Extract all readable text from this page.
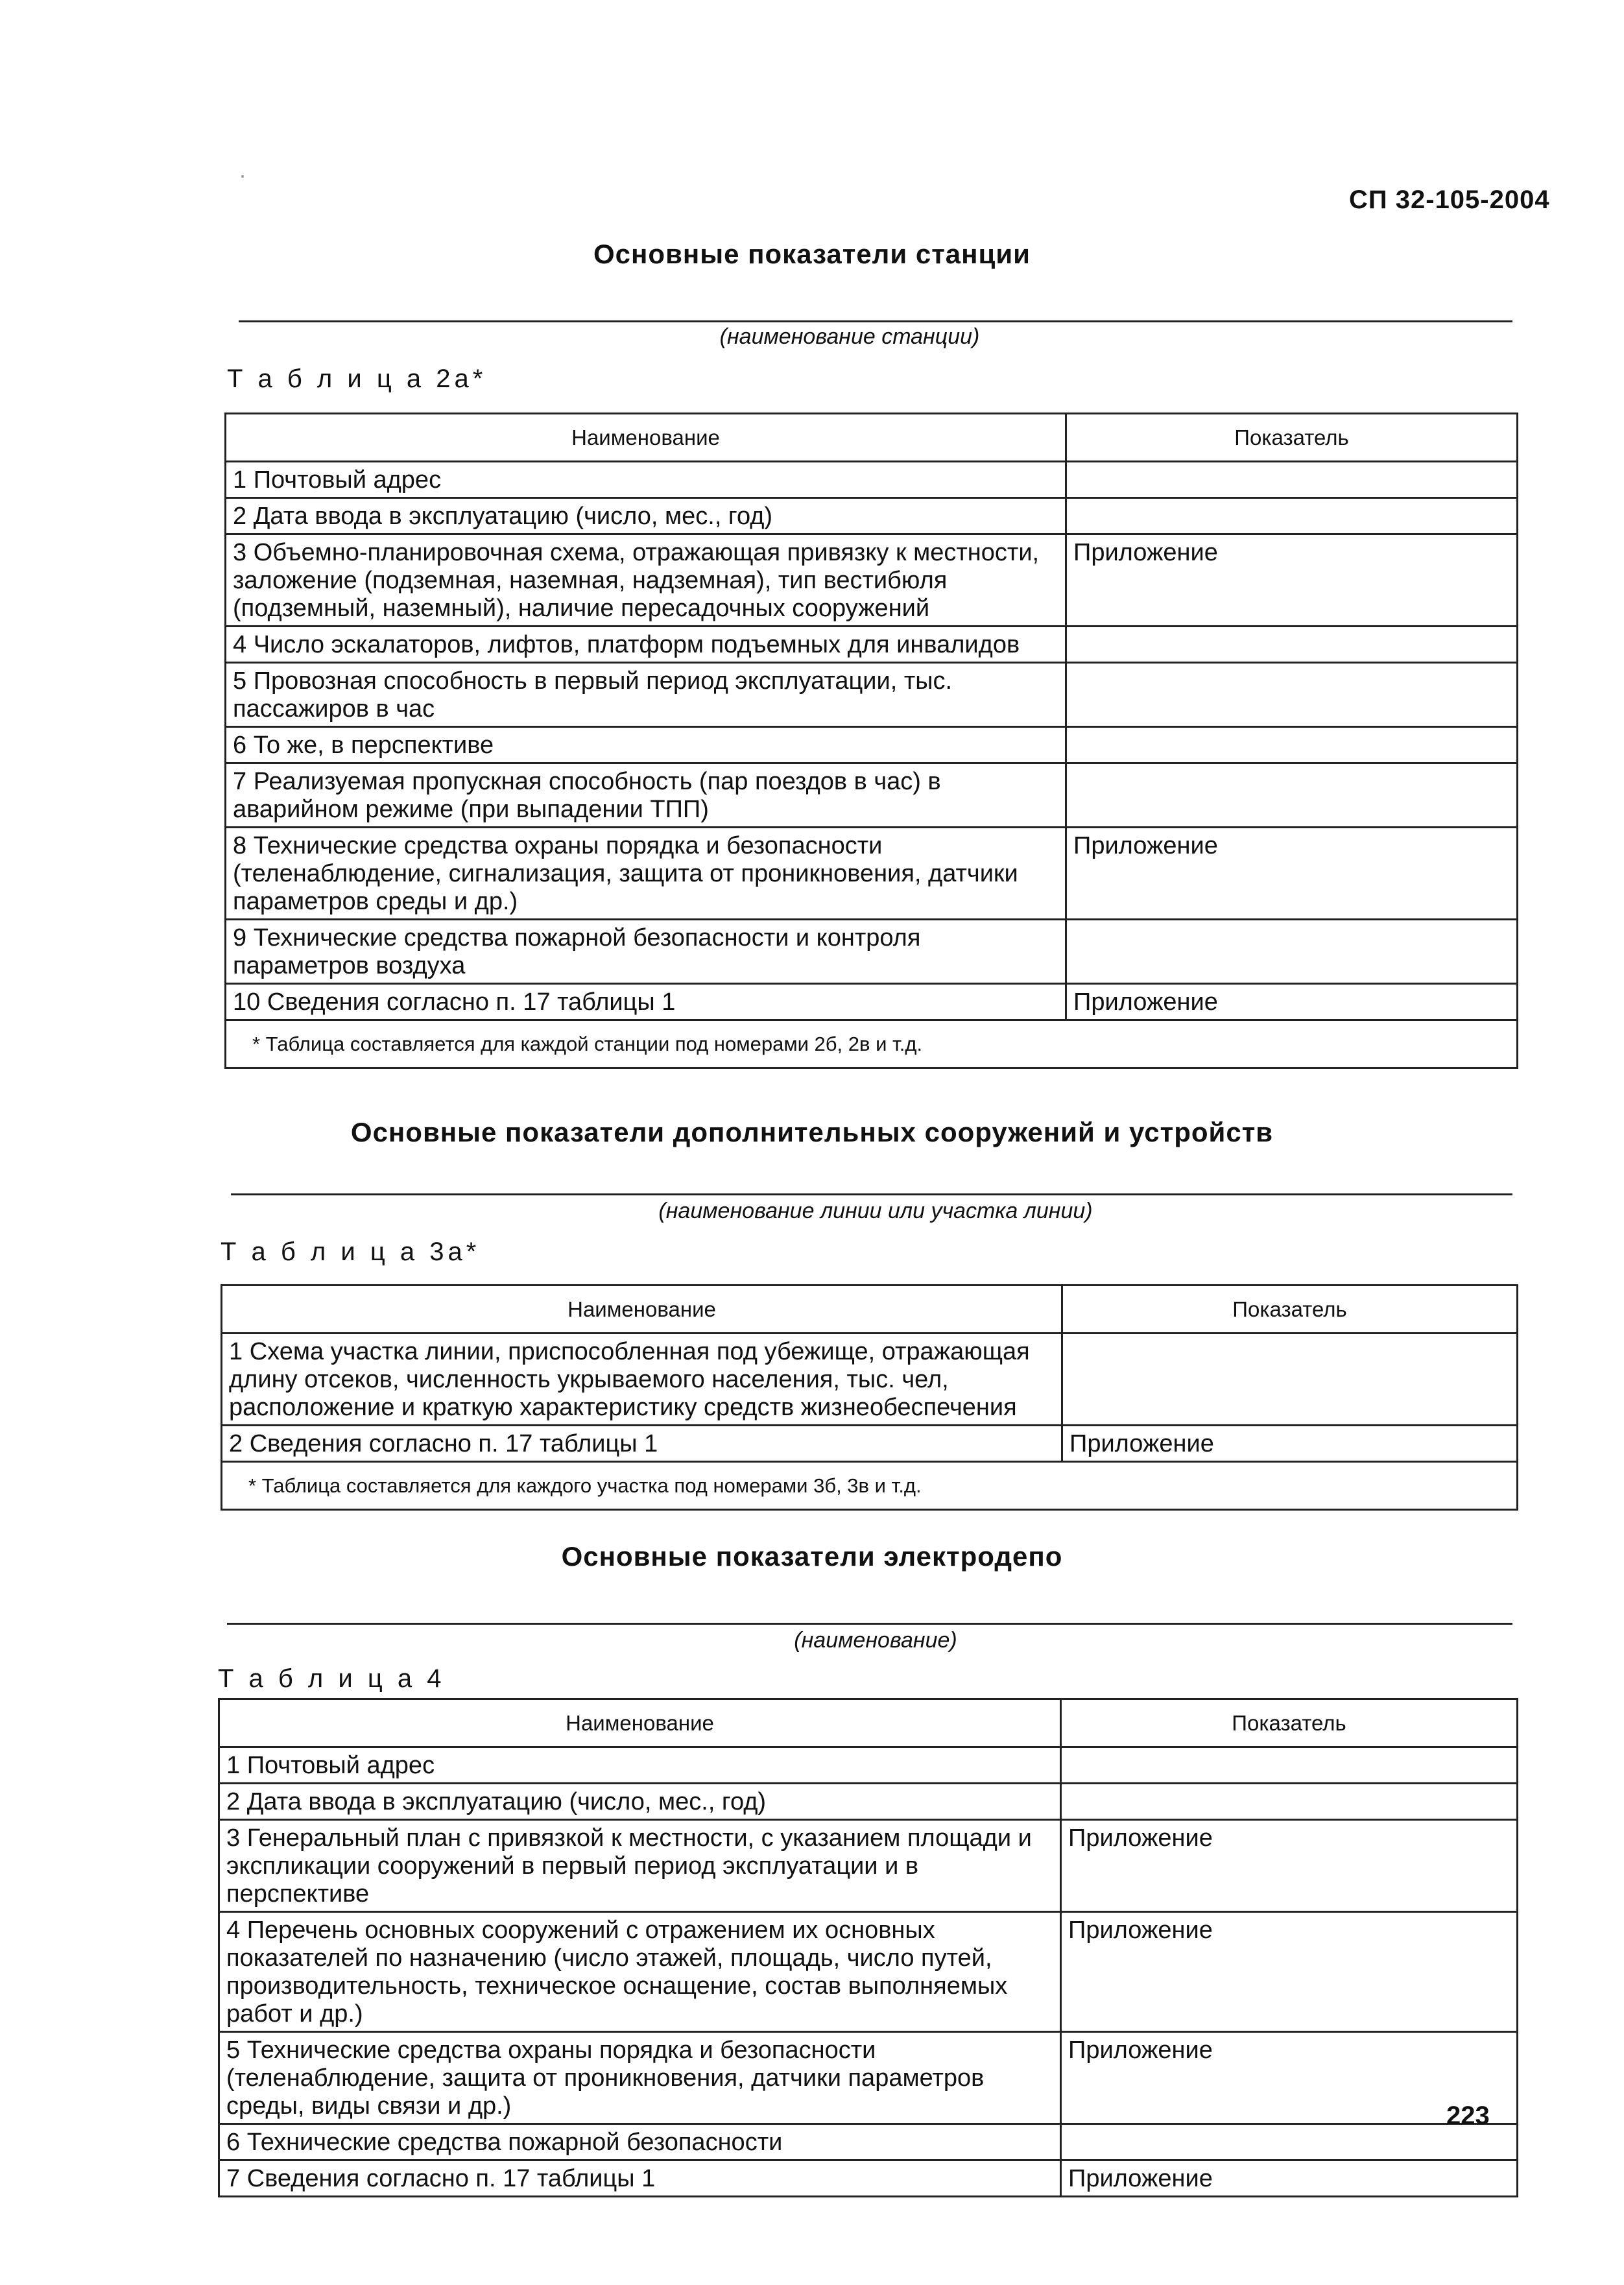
СП 32-105-2004
Основные показатели станции
(наименование станции)
Т а б л и ц а 2а*
Наименование	Показатель
1 Почтовый адрес	
2 Дата ввода в эксплуатацию (число, мес., год)	
3 Объемно-планировочная схема, отражающая привязку к местности, заложение (подземная, наземная, надземная), тип вестибюля (подземный, наземный), наличие пересадочных сооружений	Приложение
4 Число эскалаторов, лифтов, платформ подъемных для инвалидов	
5 Провозная способность в первый период эксплуатации, тыс. пассажиров в час	
6 То же, в перспективе	
7 Реализуемая пропускная способность (пар поездов в час) в аварийном режиме (при выпадении ТПП)	
8 Технические средства охраны порядка и безопасности (теленаблюдение, сигнализация, защита от проникновения, датчики параметров среды и др.)	Приложение
9 Технические средства пожарной безопасности и контроля параметров воздуха	
10 Сведения согласно п. 17 таблицы 1	Приложение
* Таблица составляется для каждой станции под номерами 2б, 2в и т.д.	
Основные показатели дополнительных сооружений и устройств
(наименование линии или участка линии)
Т а б л и ц а 3а*
Наименование	Показатель
1 Схема участка линии, приспособленная под убежище, отражающая длину отсеков, численность укрываемого населения, тыс. чел, расположение и краткую характеристику средств жизнеобеспечения	
2 Сведения согласно п. 17 таблицы 1	Приложение
* Таблица составляется для каждого участка под номерами 3б, 3в и т.д.	
Основные показатели электродепо
(наименование)
Т а б л и ц а 4
Наименование	Показатель
1 Почтовый адрес	
2 Дата ввода в эксплуатацию (число, мес., год)	
3 Генеральный план с привязкой к местности, с указанием площади и экспликации сооружений в первый период эксплуатации и в перспективе	Приложение
4 Перечень основных сооружений с отражением их основных показателей по назначению (число этажей, площадь, число путей, производительность, техническое оснащение, состав выполняемых работ и др.)	Приложение
5 Технические средства охраны порядка и безопасности (теленаблюдение, защита от проникновения, датчики параметров среды, виды связи и др.)	Приложение
6 Технические средства пожарной безопасности	
7 Сведения согласно п. 17 таблицы 1	Приложение
223
